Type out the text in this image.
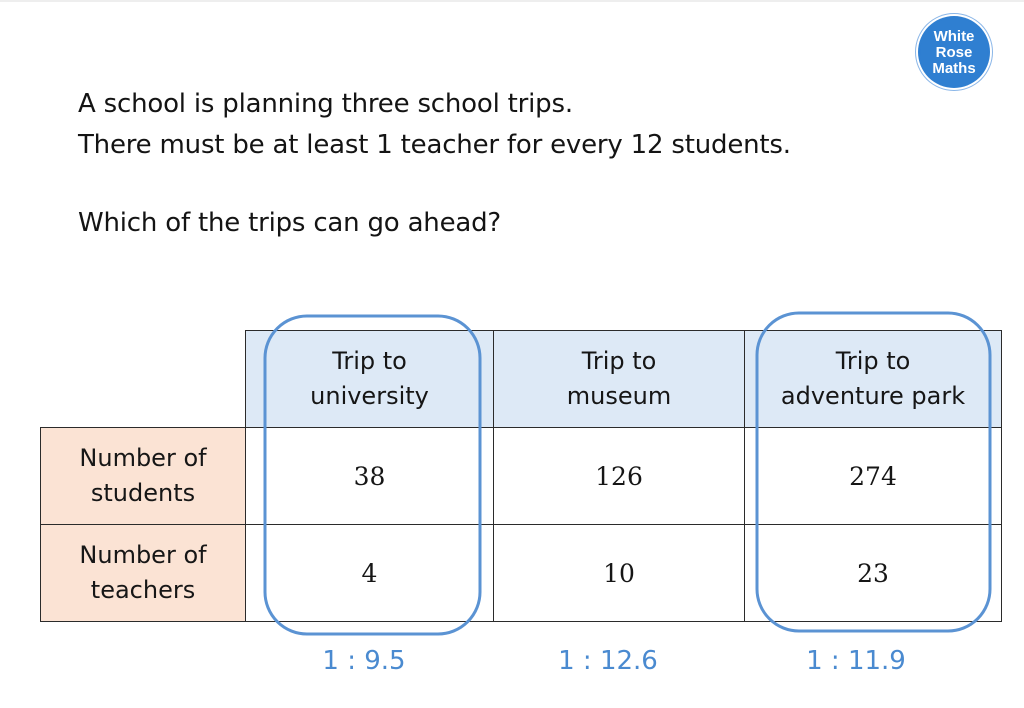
White
Rose
Maths
A school is planning three school trips.
There must be at least 1 teacher for every 12 students.
Which of the trips can go ahead?
	Trip to
university	Trip to
museum	Trip to
adventure park
Number of
students	38	126	274
Number of
teachers	4	10	23
1 : 9.5	1 : 12.6	1 : 11.9
